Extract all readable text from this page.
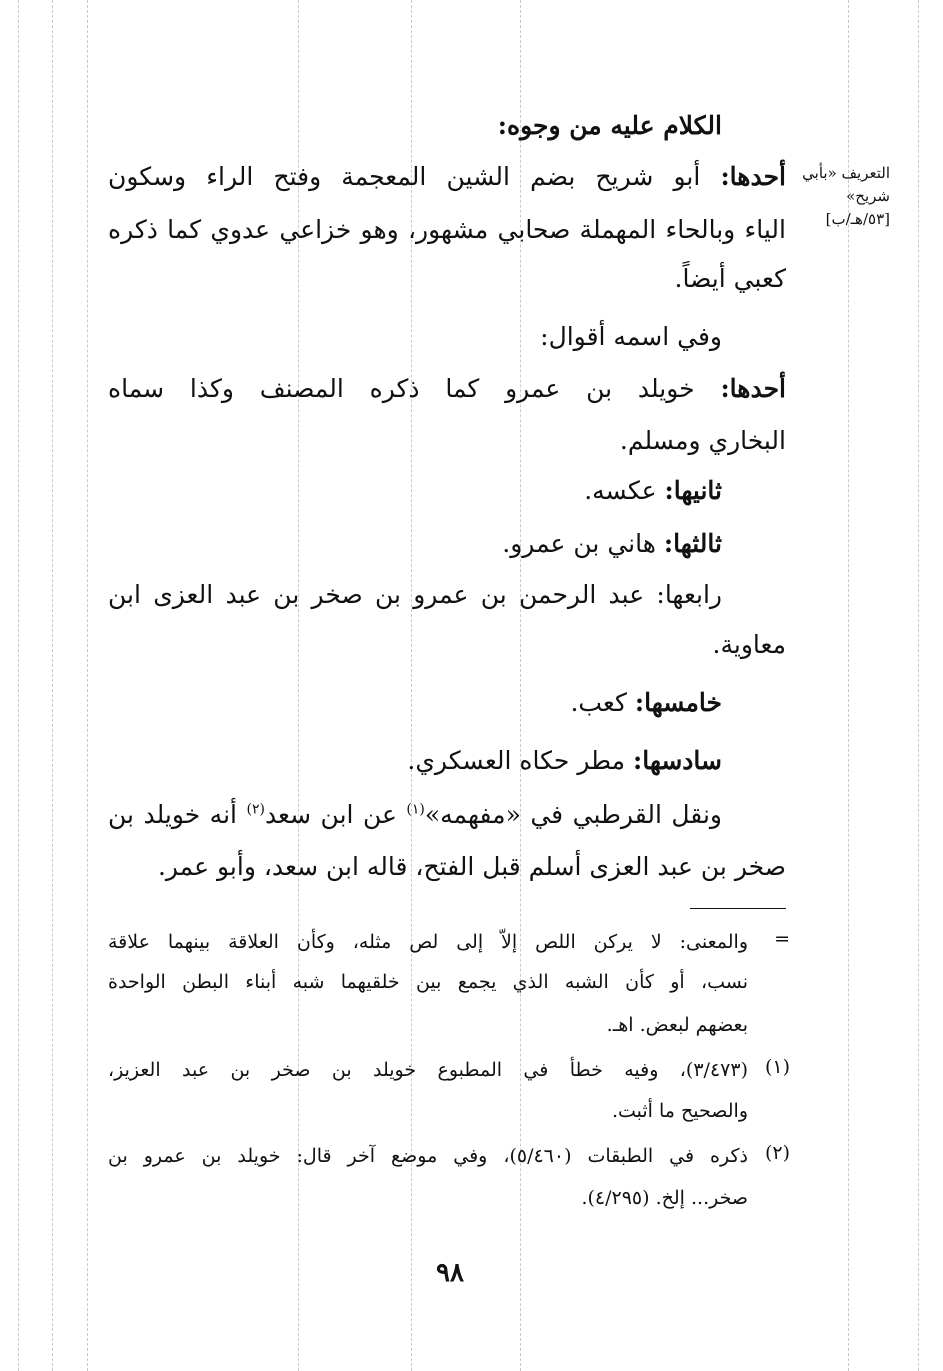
التعريف «بأبي
شريح»
[٥٣/هـ/ب]
الكلام عليه من وجوه:
أحدها: أبو شريح بضم الشين المعجمة وفتح الراء وسكون
الياء وبالحاء المهملة صحابي مشهور، وهو خزاعي عدوي كما ذكره
كعبي أيضاً.
وفي اسمه أقوال:
أحدها: خويلد بن عمرو كما ذكره المصنف وكذا سماه
البخاري ومسلم.
ثانيها: عكسه.
ثالثها: هاني بن عمرو.
رابعها: عبد الرحمن بن عمرو بن صخر بن عبد العزى ابن
معاوية.
خامسها: كعب.
سادسها: مطر حكاه العسكري.
ونقل القرطبي في «مفهمه»$^{(١)}$ عن ابن سعد$^{(٢)}$ أنه خويلد بن
صخر بن عبد العزى أسلم قبل الفتح، قاله ابن سعد، وأبو عمر.
والمعنى: لا يركن اللص إلاّ إلى لص مثله، وكأن العلاقة بينهما علاقة
نسب، أو كأن الشبه الذي يجمع بين خلقيهما شبه أبناء البطن الواحدة
بعضهم لبعض. اهـ.
(٣/٤٧٣)، وفيه خطأ في المطبوع خويلد بن صخر بن عبد العزيز،
والصحيح ما أثبت.
ذكره في الطبقات (٥/٤٦٠)، وفي موضع آخر قال: خويلد بن عمرو بن
صخر... إلخ. (٤/٢٩٥).
=
(١)
(٢)
٩٨
